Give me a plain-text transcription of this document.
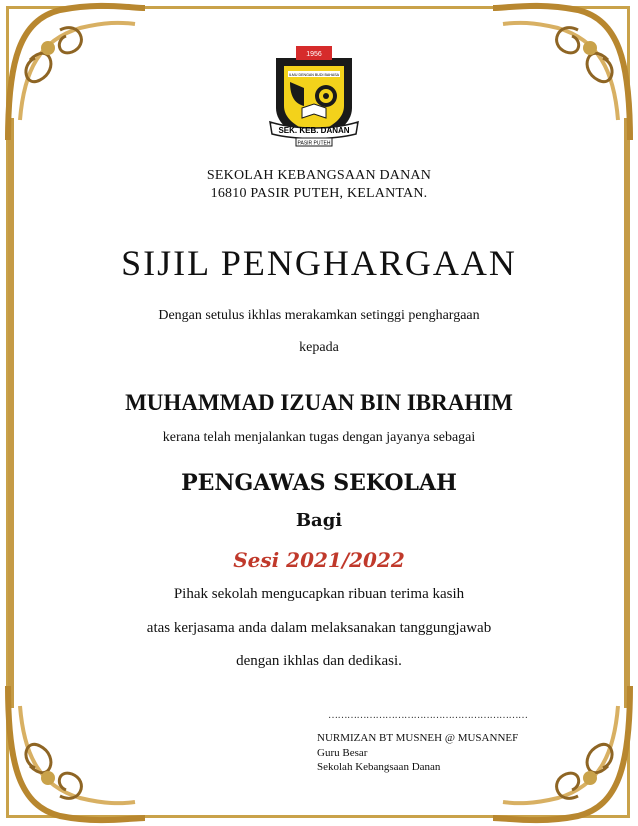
1956
ILMU DENGAN BUDI BAHASA
SEK. KEB. DANAN
PASIR PUTEH
SEKOLAH KEBANGSAAN DANAN
16810 PASIR PUTEH, KELANTAN.
SIJIL PENGHARGAAN
Dengan setulus ikhlas merakamkan setinggi penghargaan
kepada
MUHAMMAD IZUAN BIN IBRAHIM
kerana telah menjalankan tugas dengan jayanya sebagai
PENGAWAS SEKOLAH
Bagi
Sesi 2021/2022
Pihak sekolah mengucapkan ribuan terima kasih
atas kerjasama anda dalam melaksanakan tanggungjawab
dengan ikhlas dan dedikasi.
………………………………………………………
NURMIZAN BT MUSNEH @ MUSANNEF
Guru Besar
Sekolah Kebangsaan Danan
